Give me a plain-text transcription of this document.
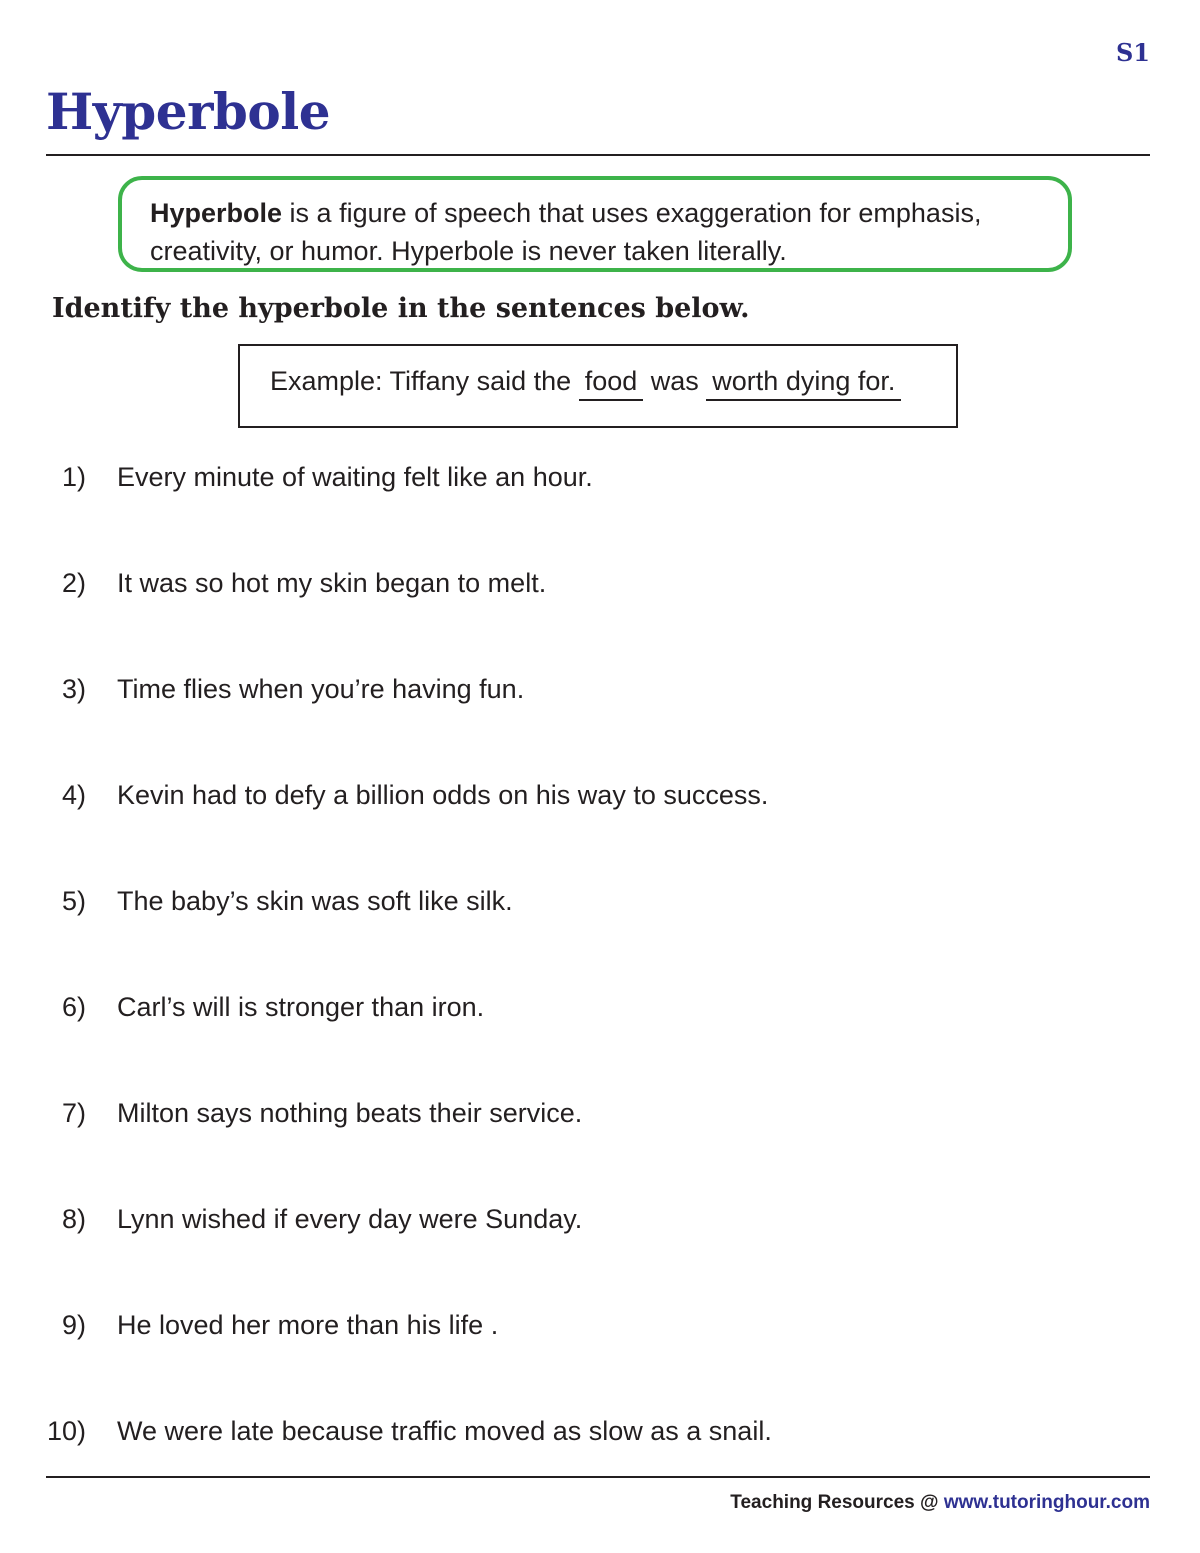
S1
Hyperbole
Hyperbole is a figure of speech that uses exaggeration for emphasis,
creativity, or humor. Hyperbole is never taken literally.
Identify the hyperbole in the sentences below.
Example: Tiffany said the food was worth dying for.
1) Every minute of waiting felt like an hour.
2) It was so hot my skin began to melt.
3) Time flies when you’re having fun.
4) Kevin had to defy a billion odds on his way to success.
5) The baby’s skin was soft like silk.
6) Carl’s will is stronger than iron.
7) Milton says nothing beats their service.
8) Lynn wished if every day were Sunday.
9) He loved her more than his life .
10) We were late because traffic moved as slow as a snail.
Teaching Resources @ www.tutoringhour.com
